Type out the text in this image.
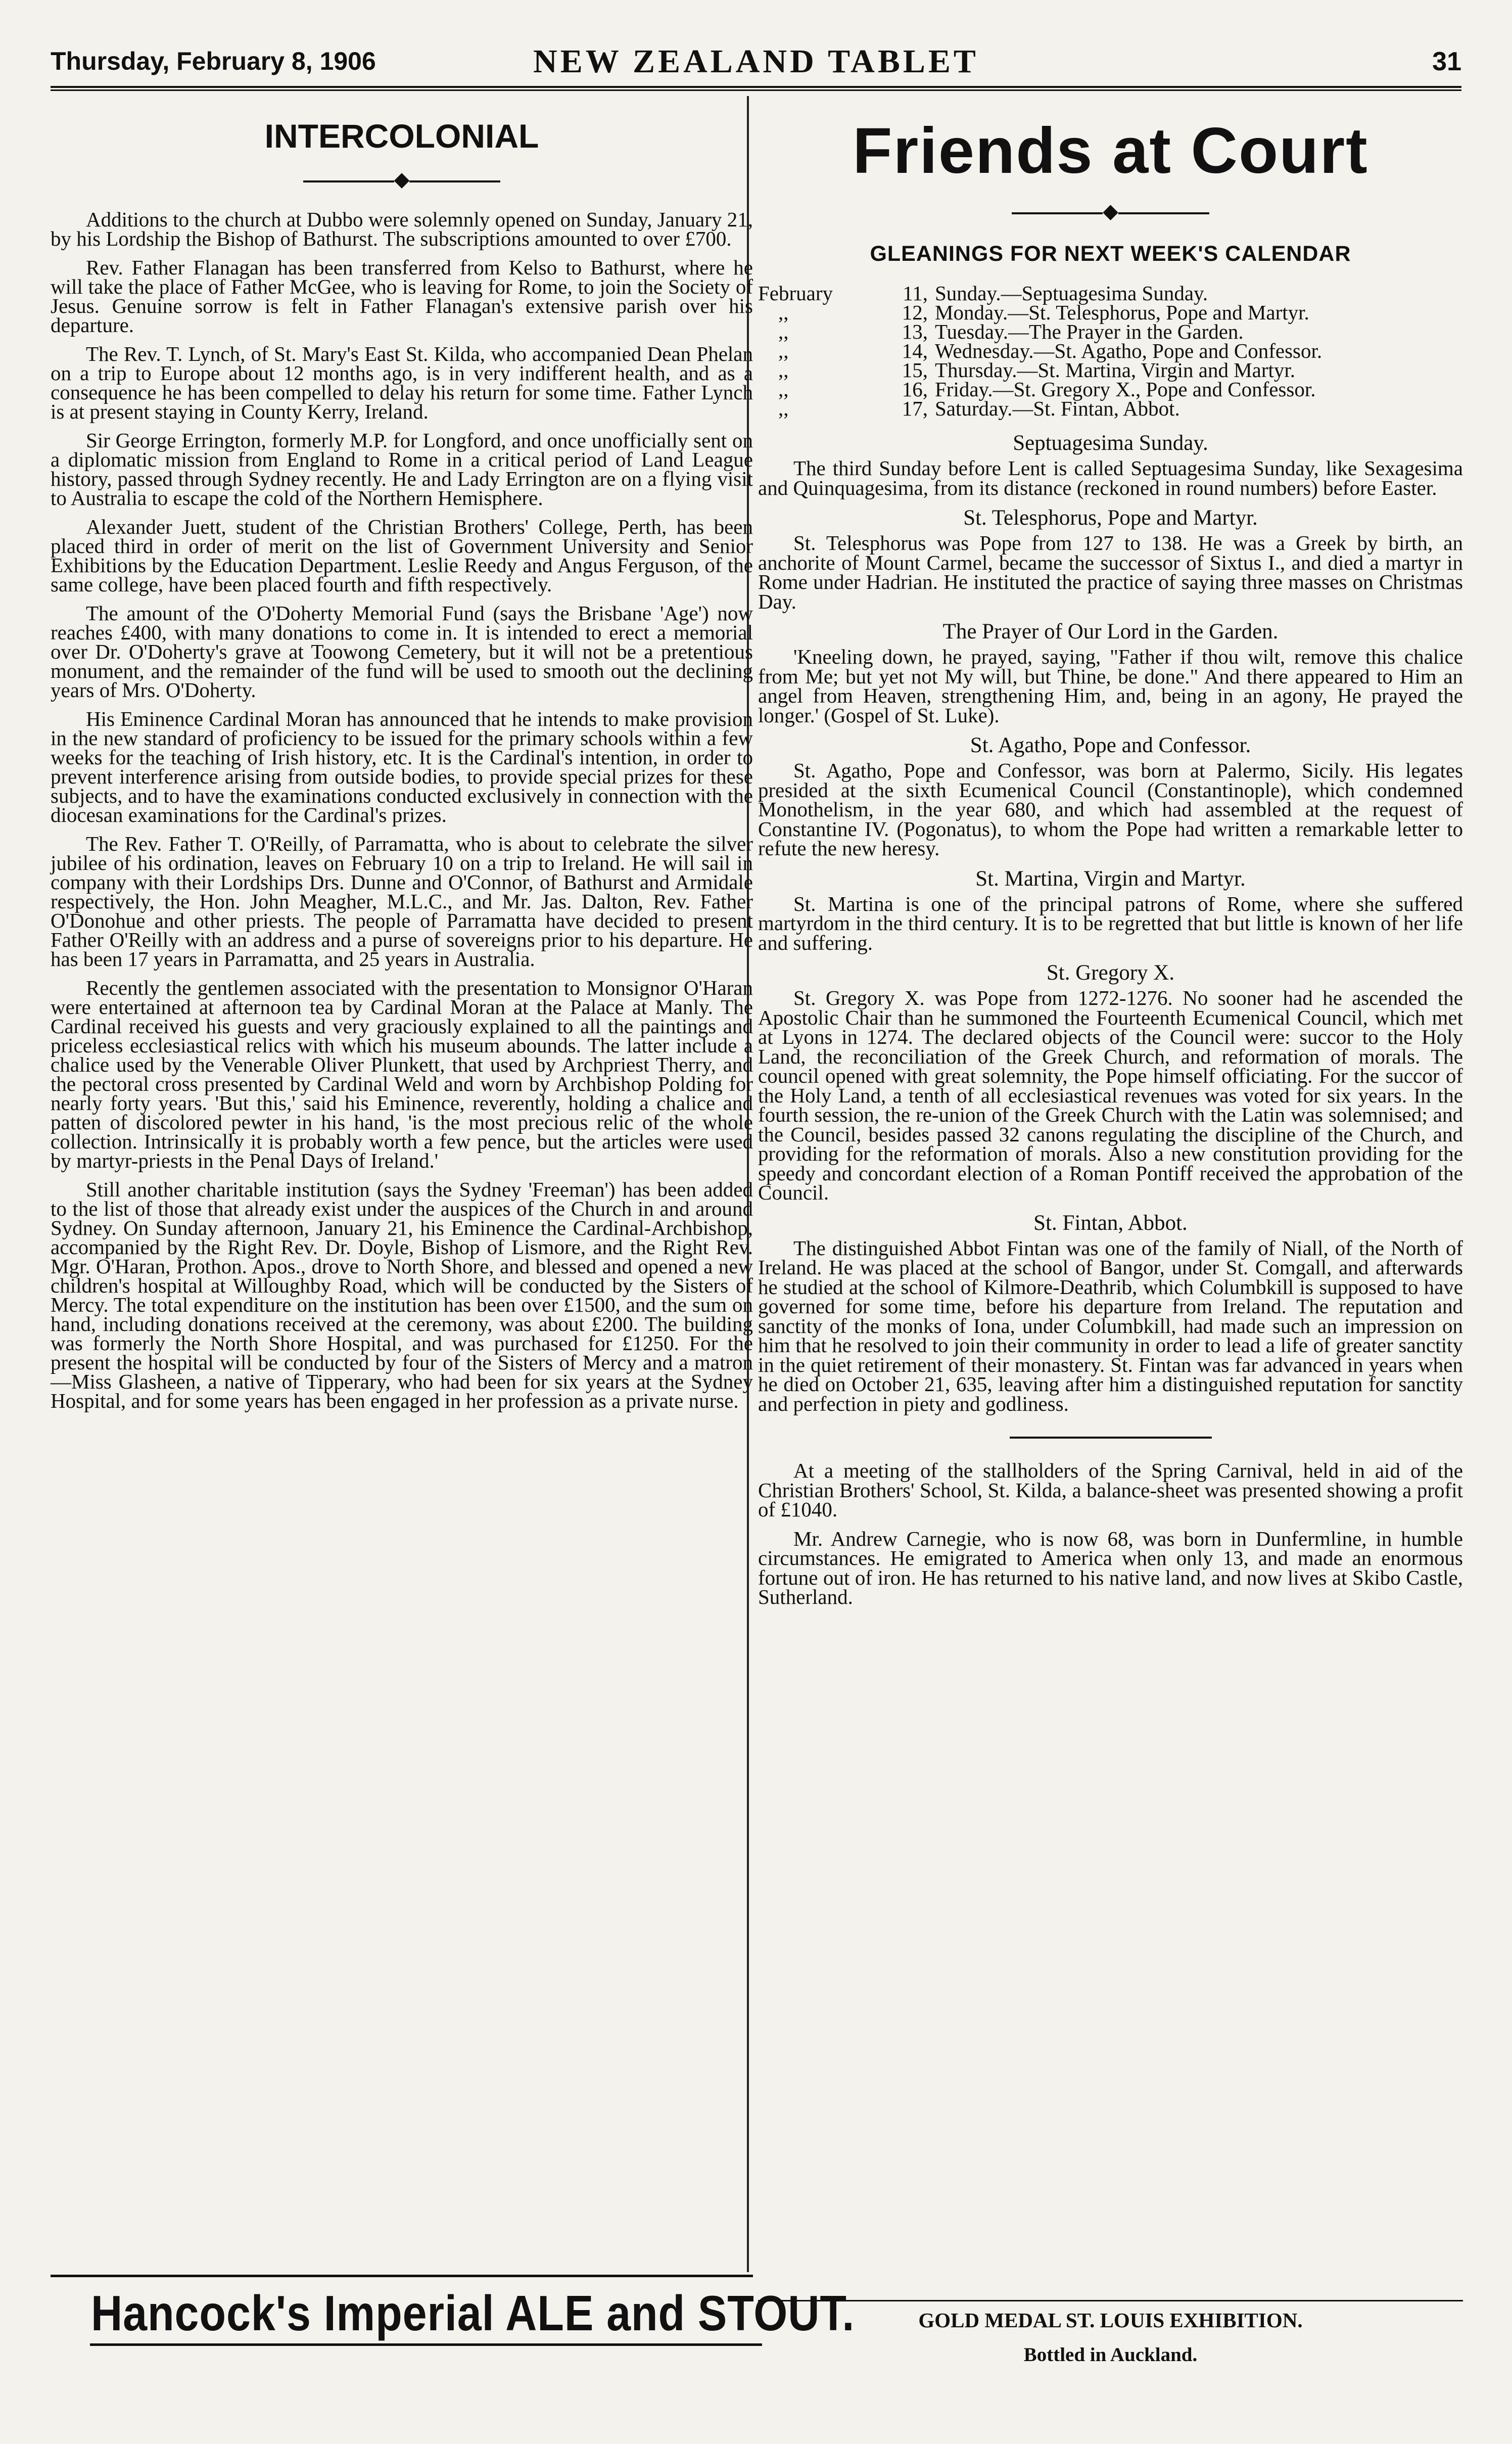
Thursday, February 8, 1906	NEW ZEALAND TABLET	31
INTERCOLONIAL
◆

Additions to the church at Dubbo were solemnly opened on Sunday, January 21, by his Lordship the Bishop of Bathurst. The subscriptions amounted to over £700.

Rev. Father Flanagan has been transferred from Kelso to Bathurst, where he will take the place of Father McGee, who is leaving for Rome, to join the Society of Jesus. Genuine sorrow is felt in Father Flanagan's extensive parish over his departure.

The Rev. T. Lynch, of St. Mary's East St. Kilda, who accompanied Dean Phelan on a trip to Europe about 12 months ago, is in very indifferent health, and as a consequence he has been compelled to delay his return for some time. Father Lynch is at present staying in County Kerry, Ireland.

Sir George Errington, formerly M.P. for Longford, and once unofficially sent on a diplomatic mission from England to Rome in a critical period of Land League history, passed through Sydney recently. He and Lady Errington are on a flying visit to Australia to escape the cold of the Northern Hemisphere.

Alexander Juett, student of the Christian Brothers' College, Perth, has been placed third in order of merit on the list of Government University and Senior Exhibitions by the Education Department. Leslie Reedy and Angus Ferguson, of the same college, have been placed fourth and fifth respectively.

The amount of the O'Doherty Memorial Fund (says the Brisbane 'Age') now reaches £400, with many donations to come in. It is intended to erect a memorial over Dr. O'Doherty's grave at Toowong Cemetery, but it will not be a pretentious monument, and the remainder of the fund will be used to smooth out the declining years of Mrs. O'Doherty.

His Eminence Cardinal Moran has announced that he intends to make provision in the new standard of proficiency to be issued for the primary schools within a few weeks for the teaching of Irish history, etc. It is the Cardinal's intention, in order to prevent interference arising from outside bodies, to provide special prizes for these subjects, and to have the examinations conducted exclusively in connection with the diocesan examinations for the Cardinal's prizes.

The Rev. Father T. O'Reilly, of Parramatta, who is about to celebrate the silver jubilee of his ordination, leaves on February 10 on a trip to Ireland. He will sail in company with their Lordships Drs. Dunne and O'Connor, of Bathurst and Armidale respectively, the Hon. John Meagher, M.L.C., and Mr. Jas. Dalton, Rev. Father O'Donohue and other priests. The people of Parramatta have decided to present Father O'Reilly with an address and a purse of sovereigns prior to his departure. He has been 17 years in Parramatta, and 25 years in Australia.

Recently the gentlemen associated with the presentation to Monsignor O'Haran were entertained at afternoon tea by Cardinal Moran at the Palace at Manly. The Cardinal received his guests and very graciously explained to all the paintings and priceless ecclesiastical relics with which his museum abounds. The latter include a chalice used by the Venerable Oliver Plunkett, that used by Archpriest Therry, and the pectoral cross presented by Cardinal Weld and worn by Archbishop Polding for nearly forty years. 'But this,' said his Eminence, reverently, holding a chalice and patten of discolored pewter in his hand, 'is the most precious relic of the whole collection. Intrinsically it is probably worth a few pence, but the articles were used by martyr-priests in the Penal Days of Ireland.'

Still another charitable institution (says the Sydney 'Freeman') has been added to the list of those that already exist under the auspices of the Church in and around Sydney. On Sunday afternoon, January 21, his Eminence the Cardinal-Archbishop, accompanied by the Right Rev. Dr. Doyle, Bishop of Lismore, and the Right Rev. Mgr. O'Haran, Prothon. Apos., drove to North Shore, and blessed and opened a new children's hospital at Willoughby Road, which will be conducted by the Sisters of Mercy. The total expenditure on the institution has been over £1500, and the sum on hand, including donations received at the ceremony, was about £200. The building was formerly the North Shore Hospital, and was purchased for £1250. For the present the hospital will be conducted by four of the Sisters of Mercy and a matron—Miss Glasheen, a native of Tipperary, who had been for six years at the Sydney Hospital, and for some years has been engaged in her profession as a private nurse.

Friends at Court
◆
GLEANINGS FOR NEXT WEEK'S CALENDAR
February	11, Sunday.—Septuagesima Sunday.
,,	12, Monday.—St. Telesphorus, Pope and Martyr.
,,	13, Tuesday.—The Prayer in the Garden.
,,	14, Wednesday.—St. Agatho, Pope and Confessor.
,,	15, Thursday.—St. Martina, Virgin and Martyr.
,,	16, Friday.—St. Gregory X., Pope and Confessor.
,,	17, Saturday.—St. Fintan, Abbot.
Septuagesima Sunday.

The third Sunday before Lent is called Septuagesima Sunday, like Sexagesima and Quinquagesima, from its distance (reckoned in round numbers) before Easter.

St. Telesphorus, Pope and Martyr.

St. Telesphorus was Pope from 127 to 138. He was a Greek by birth, an anchorite of Mount Carmel, became the successor of Sixtus I., and died a martyr in Rome under Hadrian. He instituted the practice of saying three masses on Christmas Day.

The Prayer of Our Lord in the Garden.

'Kneeling down, he prayed, saying, "Father if thou wilt, remove this chalice from Me; but yet not My will, but Thine, be done." And there appeared to Him an angel from Heaven, strengthening Him, and, being in an agony, He prayed the longer.' (Gospel of St. Luke).

St. Agatho, Pope and Confessor.

St. Agatho, Pope and Confessor, was born at Palermo, Sicily. His legates presided at the sixth Ecumenical Council (Constantinople), which condemned Monothelism, in the year 680, and which had assembled at the request of Constantine IV. (Pogonatus), to whom the Pope had written a remarkable letter to refute the new heresy.

St. Martina, Virgin and Martyr.

St. Martina is one of the principal patrons of Rome, where she suffered martyrdom in the third century. It is to be regretted that but little is known of her life and suffering.

St. Gregory X.

St. Gregory X. was Pope from 1272-1276. No sooner had he ascended the Apostolic Chair than he summoned the Fourteenth Ecumenical Council, which met at Lyons in 1274. The declared objects of the Council were: succor to the Holy Land, the reconciliation of the Greek Church, and reformation of morals. The council opened with great solemnity, the Pope himself officiating. For the succor of the Holy Land, a tenth of all ecclesiastical revenues was voted for six years. In the fourth session, the re-union of the Greek Church with the Latin was solemnised; and the Council, besides passed 32 canons regulating the discipline of the Church, and providing for the reformation of morals. Also a new constitution providing for the speedy and concordant election of a Roman Pontiff received the approbation of the Council.

St. Fintan, Abbot.

The distinguished Abbot Fintan was one of the family of Niall, of the North of Ireland. He was placed at the school of Bangor, under St. Comgall, and afterwards he studied at the school of Kilmore-Deathrib, which Columbkill is supposed to have governed for some time, before his departure from Ireland. The reputation and sanctity of the monks of Iona, under Columbkill, had made such an impression on him that he resolved to join their community in order to lead a life of greater sanctity in the quiet retirement of their monastery. St. Fintan was far advanced in years when he died on October 21, 635, leaving after him a distinguished reputation for sanctity and perfection in piety and godliness.

At a meeting of the stallholders of the Spring Carnival, held in aid of the Christian Brothers' School, St. Kilda, a balance-sheet was presented showing a profit of £1040.

Mr. Andrew Carnegie, who is now 68, was born in Dunfermline, in humble circumstances. He emigrated to America when only 13, and made an enormous fortune out of iron. He has returned to his native land, and now lives at Skibo Castle, Sutherland.

Hancock's Imperial ALE and STOUT.	GOLD MEDAL ST. LOUIS EXHIBITION.
Bottled in Auckland.
